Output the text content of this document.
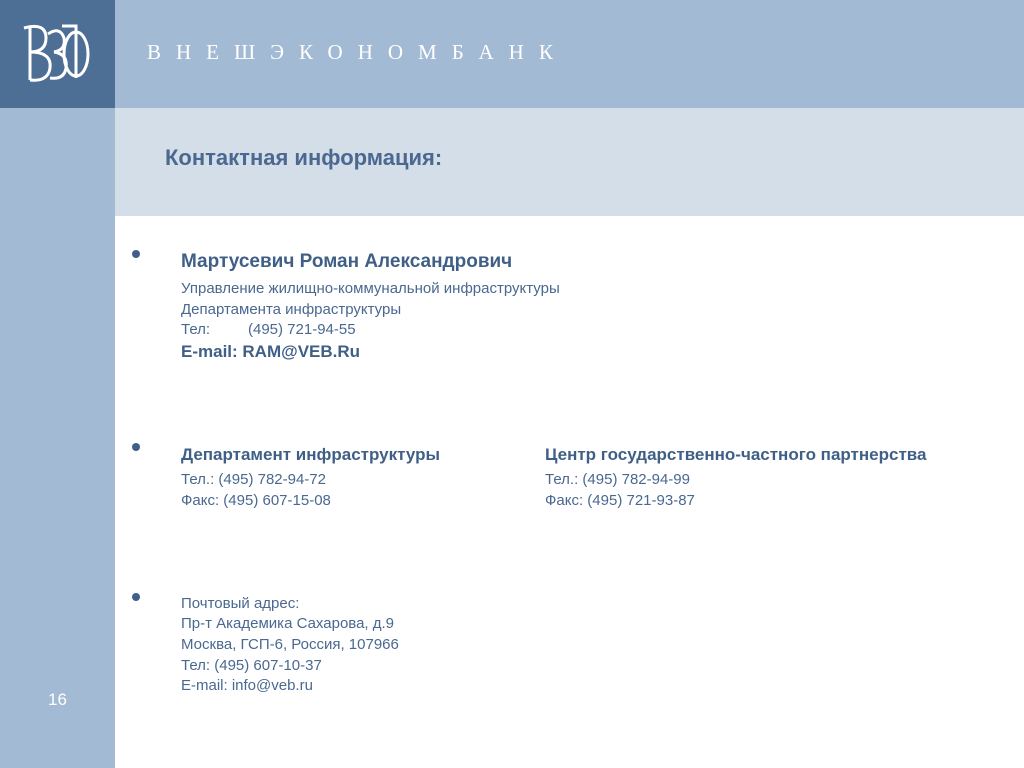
ВНЕШЭКОНОМБАНК
Контактная информация:
Мартусевич Роман Александрович
Управление жилищно-коммунальной инфраструктуры
Департамента инфраструктуры
Тел:	(495) 721-94-55
E-mail: RAM@VEB.Ru
Департамент инфраструктуры
Тел.: (495) 782-94-72
Факс: (495) 607-15-08
Центр государственно-частного партнерства
Тел.: (495) 782-94-99
Факс: (495) 721-93-87
Почтовый адрес:
Пр-т Академика Сахарова, д.9
Москва, ГСП-6, Россия, 107966
Тел: (495) 607-10-37
E-mail: info@veb.ru
16
